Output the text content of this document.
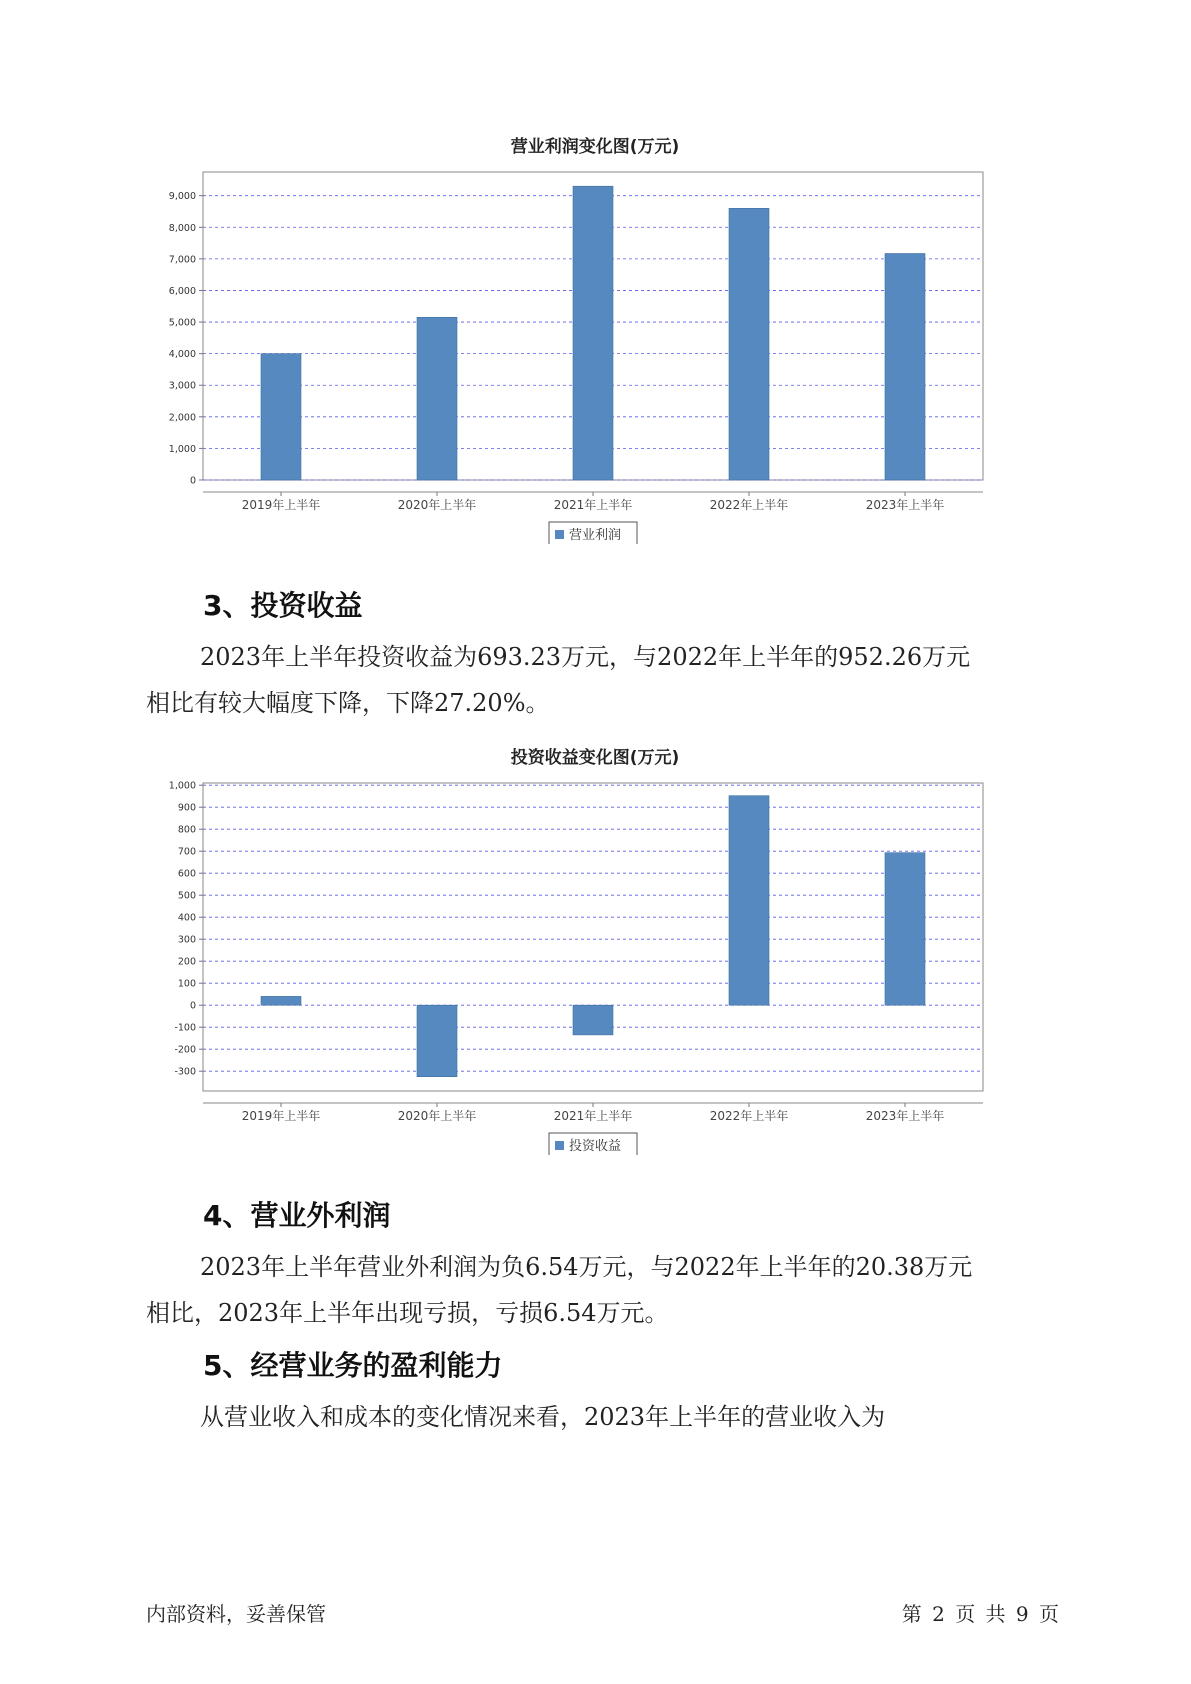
营业利润变化图(万元)
0
1,000
2,000
3,000
4,000
5,000
6,000
7,000
8,000
9,000
2019年上半年	2020年上半年	2021年上半年	2022年上半年	2023年上半年
营业利润
3、投资收益
2023年上半年投资收益为693.23万元，与2022年上半年的952.26万元
相比有较大幅度下降，下降27.20%。
投资收益变化图(万元)
-300
-200
-100
0
100
200
300
400
500
600
700
800
900
1,000
2019年上半年	2020年上半年	2021年上半年	2022年上半年	2023年上半年
投资收益
4、营业外利润
2023年上半年营业外利润为负6.54万元，与2022年上半年的20.38万元
相比，2023年上半年出现亏损，亏损6.54万元。
5、经营业务的盈利能力
从营业收入和成本的变化情况来看，2023年上半年的营业收入为
内部资料，妥善保管	第 2 页 共 9 页
